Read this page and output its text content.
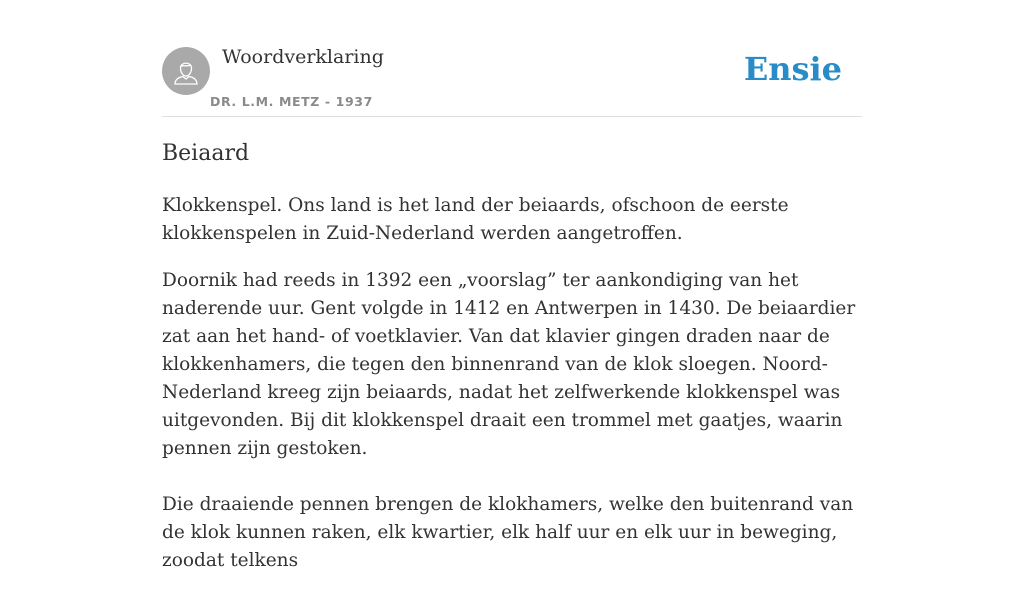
Woordverklaring
DR. L.M. METZ - 1937
Ensie
Beiaard

Klokkenspel. Ons land is het land der beiaards, ofschoon de eerste klokkenspelen in Zuid-Nederland werden aangetroffen.

Doornik had reeds in 1392 een „voorslag” ter aankondiging van het naderende uur. Gent volgde in 1412 en Antwerpen in 1430. De beiaardier zat aan het hand- of voetklavier. Van dat klavier gingen draden naar de klokkenhamers, die tegen den binnenrand van de klok sloegen. Noord-Nederland kreeg zijn beiaards, nadat het zelfwerkende klokkenspel was uitgevonden. Bij dit klokkenspel draait een trommel met gaatjes, waarin pennen zijn gestoken.

Die draaiende pennen brengen de klokhamers, welke den buitenrand van de klok kunnen raken, elk kwartier, elk half uur en elk uur in beweging, zoodat telkens
